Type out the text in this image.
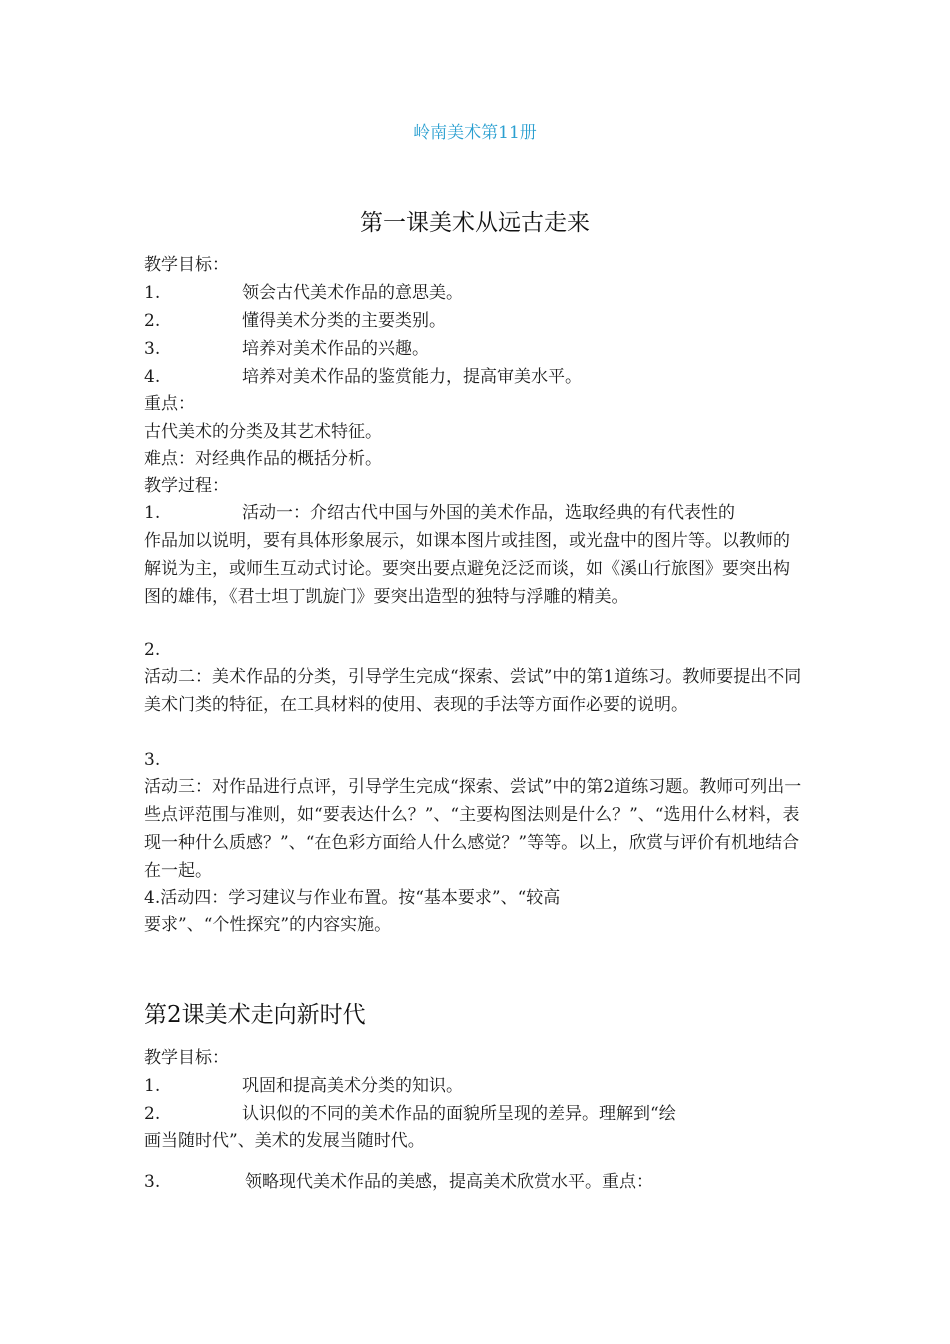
岭南美术第11册
第一课美术从远古走来
教学目标：
1.	领会古代美术作品的意思美。
2.	懂得美术分类的主要类别。
3.	培养对美术作品的兴趣。
4.	培养对美术作品的鉴赏能力，提高审美水平。
重点：
古代美术的分类及其艺术特征。
难点：对经典作品的概括分析。
教学过程：
1.	活动一：介绍古代中国与外国的美术作品，选取经典的有代表性的
作品加以说明，要有具体形象展示，如课本图片或挂图，或光盘中的图片等。以教师的解说为主，或师生互动式讨论。要突出要点避免泛泛而谈，如《溪山行旅图》要突出构图的雄伟，《君士坦丁凯旋门》要突出造型的独特与浮雕的精美。
2.
活动二：美术作品的分类，引导学生完成“探索、尝试”中的第1道练习。教师要提出不同美术门类的特征，在工具材料的使用、表现的手法等方面作必要的说明。
3.
活动三：对作品进行点评，引导学生完成“探索、尝试”中的第2道练习题。教师可列出一些点评范围与准则，如“要表达什么？”、“主要构图法则是什么？”、“选用什么材料，表现一种什么质感？”、“在色彩方面给人什么感觉？”等等。以上，欣赏与评价有机地结合在一起。
4.活动四：学习建议与作业布置。按“基本要求”、“较高
要求”、“个性探究”的内容实施。
第2课美术走向新时代
教学目标：
1.	巩固和提高美术分类的知识。
2.	认识似的不同的美术作品的面貌所呈现的差异。理解到“绘
画当随时代”、美术的发展当随时代。
3.	领略现代美术作品的美感，提高美术欣赏水平。重点：
